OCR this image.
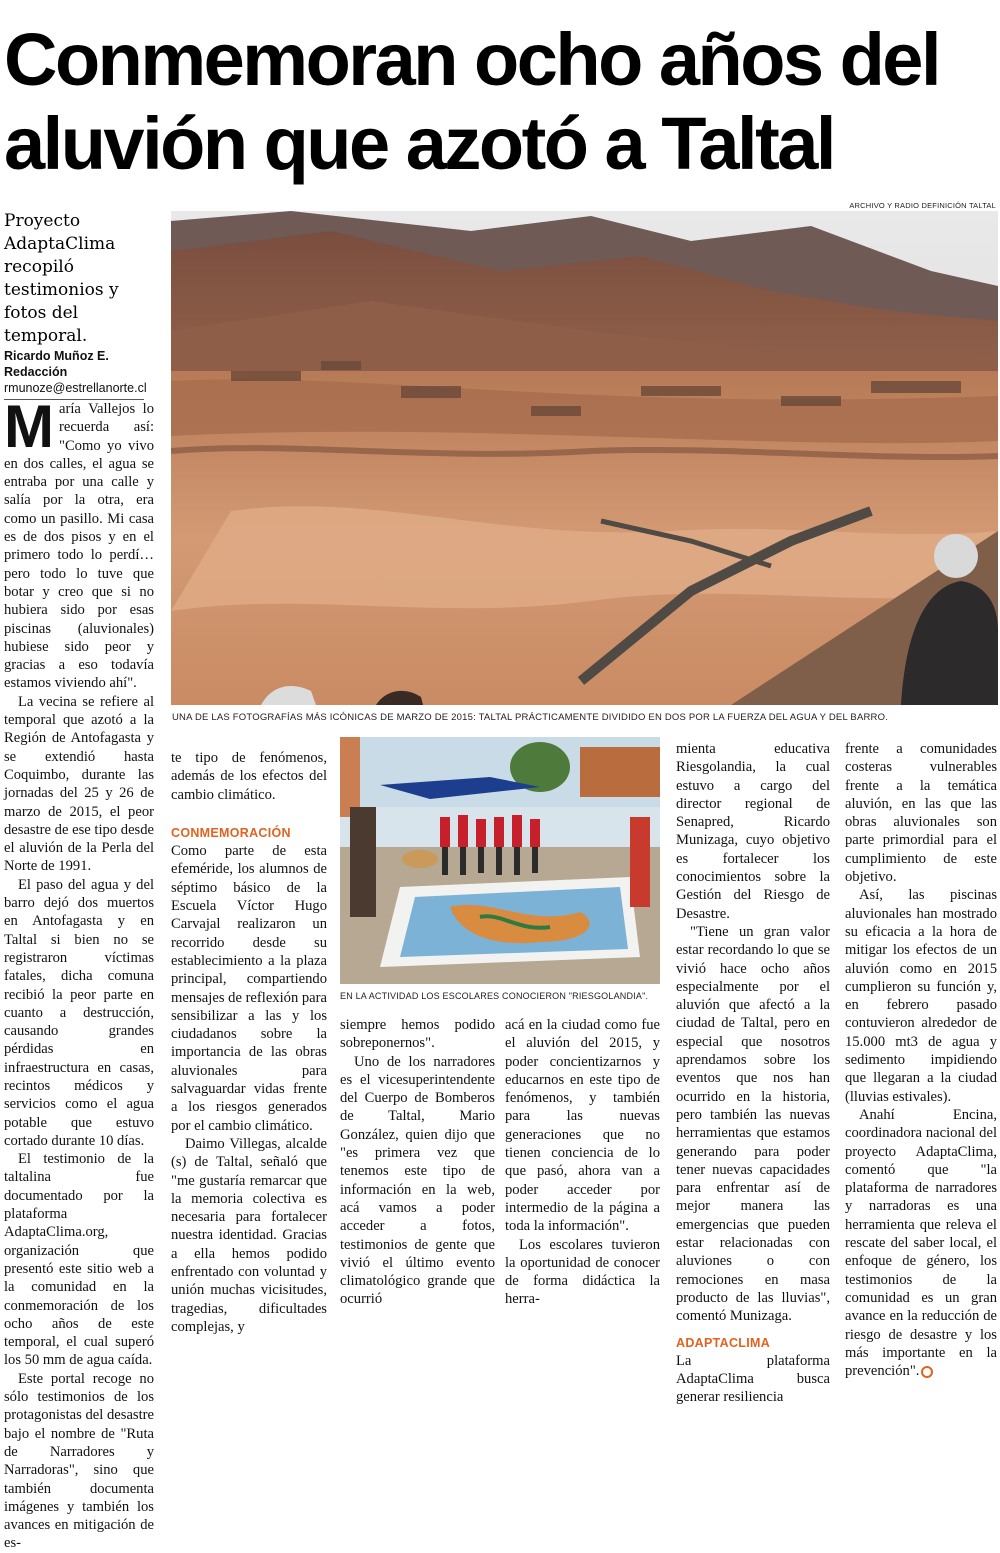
Conmemoran ocho años del
aluvión que azotó a Taltal
Proyecto AdaptaClima recopiló testimonios y fotos del temporal.
Ricardo Muñoz E. Redacción

rmunoze@estrellanorte.cl
ARCHIVO Y RADIO DEFINICIÓN TALTAL
UNA DE LAS FOTOGRAFÍAS MÁS ICÓNICAS DE MARZO DE 2015: TALTAL PRÁCTICAMENTE DIVIDIDO EN DOS POR LA FUERZA DEL AGUA Y DEL BARRO.
EN LA ACTIVIDAD LOS ESCOLARES CONOCIERON "RIESGOLANDIA".

María Vallejos lo recuerda así: "Como yo vivo en dos calles, el agua se entraba por una calle y salía por la otra, era como un pasillo. Mi casa es de dos pisos y en el primero todo lo perdí… pero todo lo tuve que botar y creo que si no hubiera sido por esas piscinas (aluvionales) hubiese sido peor y gracias a eso todavía estamos viviendo ahí".

La vecina se refiere al temporal que azotó a la Región de Antofagasta y se extendió hasta Coquimbo, durante las jornadas del 25 y 26 de marzo de 2015, el peor desastre de ese tipo desde el aluvión de la Perla del Norte de 1991.

El paso del agua y del barro dejó dos muertos en Antofagasta y en Taltal si bien no se registraron víctimas fatales, dicha comuna recibió la peor parte en cuanto a destrucción, causando grandes pérdidas en infraestructura en casas, recintos médicos y servicios como el agua potable que estuvo cortado durante 10 días.

El testimonio de la taltalina fue documentado por la plataforma AdaptaClima.org, organización que presentó este sitio web a la comunidad en la conmemoración de los ocho años de este temporal, el cual superó los 50 mm de agua caída.

Este portal recoge no sólo testimonios de los protagonistas del desastre bajo el nombre de "Ruta de Narradores y Narradoras", sino que también documenta imágenes y también los avances en mitigación de es-

te tipo de fenómenos, además de los efectos del cambio climático.

CONMEMORACIÓN

Como parte de esta efeméride, los alumnos de séptimo básico de la Escuela Víctor Hugo Carvajal realizaron un recorrido desde su establecimiento a la plaza principal, compartiendo mensajes de reflexión para sensibilizar a las y los ciudadanos sobre la importancia de las obras aluvionales para salvaguardar vidas frente a los riesgos generados por el cambio climático.

Daimo Villegas, alcalde (s) de Taltal, señaló que "me gustaría remarcar que la memoria colectiva es necesaria para fortalecer nuestra identidad. Gracias a ella hemos podido enfrentado con voluntad y unión muchas vicisitudes, tragedias, dificultades complejas, y

siempre hemos podido sobreponernos".

Uno de los narradores es el vicesuperintendente del Cuerpo de Bomberos de Taltal, Mario González, quien dijo que "es primera vez que tenemos este tipo de información en la web, acá vamos a poder acceder a fotos, testimonios de gente que vivió el último evento climatológico grande que ocurrió

acá en la ciudad como fue el aluvión del 2015, y poder concientizarnos y educarnos en este tipo de fenómenos, y también para las nuevas generaciones que no tienen conciencia de lo que pasó, ahora van a poder acceder por intermedio de la página a toda la información".

Los escolares tuvieron la oportunidad de conocer de forma didáctica la herra-

mienta educativa Riesgolandia, la cual estuvo a cargo del director regional de Senapred, Ricardo Munizaga, cuyo objetivo es fortalecer los conocimientos sobre la Gestión del Riesgo de Desastre.

"Tiene un gran valor estar recordando lo que se vivió hace ocho años especialmente por el aluvión que afectó a la ciudad de Taltal, pero en especial que nosotros aprendamos sobre los eventos que nos han ocurrido en la historia, pero también las nuevas herramientas que estamos generando para poder tener nuevas capacidades para enfrentar así de mejor manera las emergencias que pueden estar relacionadas con aluviones o con remociones en masa producto de las lluvias", comentó Munizaga.

ADAPTACLIMA

La plataforma AdaptaClima busca generar resiliencia

frente a comunidades costeras vulnerables frente a la temática aluvión, en las que las obras aluvionales son parte primordial para el cumplimiento de este objetivo.

Así, las piscinas aluvionales han mostrado su eficacia a la hora de mitigar los efectos de un aluvión como en 2015 cumplieron su función y, en febrero pasado contuvieron alrededor de 15.000 mt3 de agua y sedimento impidiendo que llegaran a la ciudad (lluvias estivales).

Anahí Encina, coordinadora nacional del proyecto AdaptaClima, comentó que "la plataforma de narradores y narradoras es una herramienta que releva el rescate del saber local, el enfoque de género, los testimonios de la comunidad es un gran avance en la reducción de riesgo de desastre y los más importante en la prevención".
